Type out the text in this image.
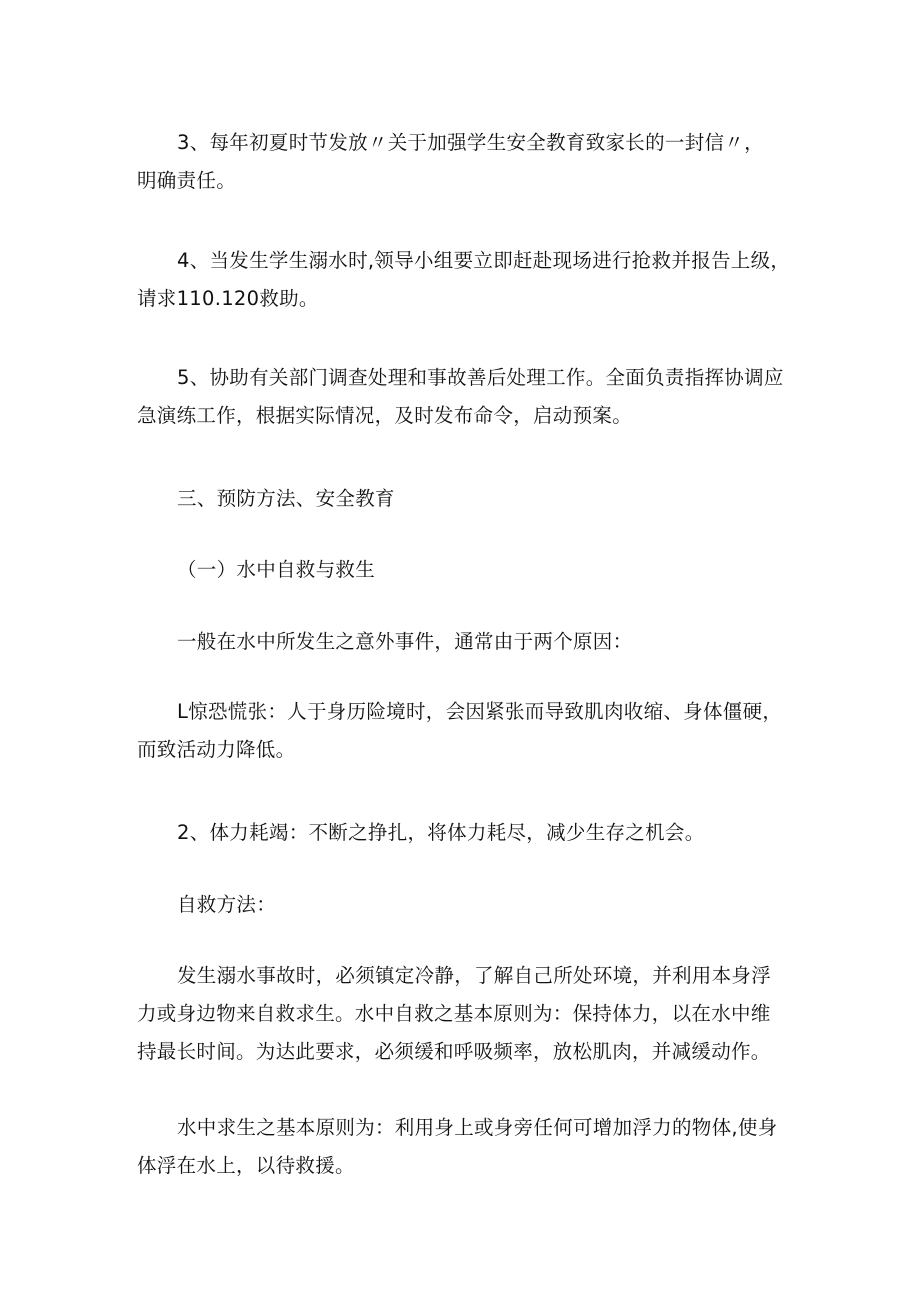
3、每年初夏时节发放〃关于加强学生安全教育致家长的一封信〃，
明确责任。

4、当发生学生溺水时,领导小组要立即赶赴现场进行抢救并报告上级，
请求110.120救助。

5、协助有关部门调查处理和事故善后处理工作。全面负责指挥协调应
急演练工作，根据实际情况，及时发布命令，启动预案。

三、预防方法、安全教育

（一）水中自救与救生

一般在水中所发生之意外事件，通常由于两个原因：

L惊恐慌张：人于身历险境时，会因紧张而导致肌肉收缩、身体僵硬，
而致活动力降低。

2、体力耗竭：不断之挣扎，将体力耗尽，减少生存之机会。

自救方法：

发生溺水事故时，必须镇定冷静，了解自己所处环境，并利用本身浮
力或身边物来自救求生。水中自救之基本原则为：保持体力，以在水中维
持最长时间。为达此要求，必须缓和呼吸频率，放松肌肉，并减缓动作。

水中求生之基本原则为：利用身上或身旁任何可增加浮力的物体,使身
体浮在水上，以待救援。
